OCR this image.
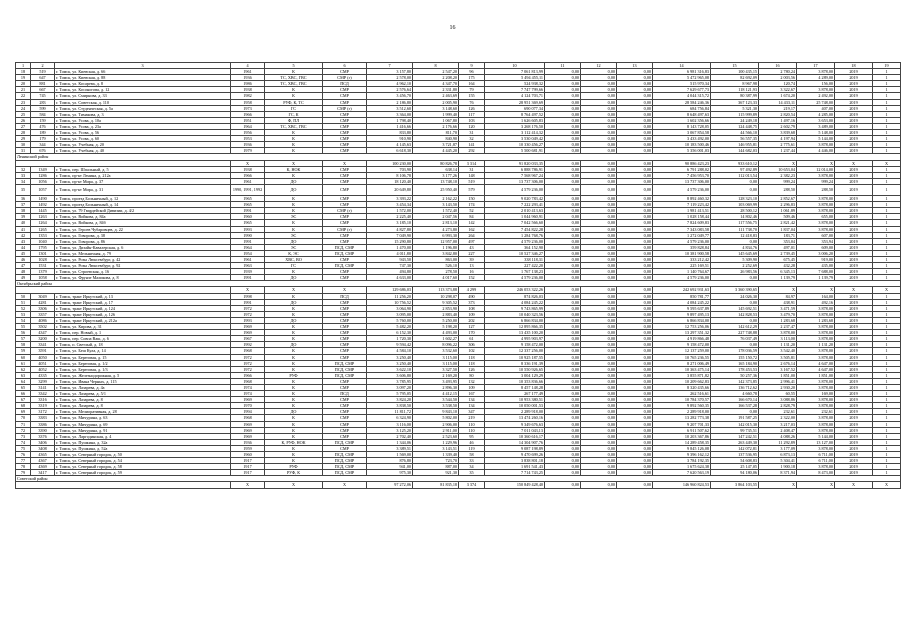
16
1	2	3	4	5	6	7	8	9	10	11	12	13	14	15	16	17	18	19
18	519	г. Томск, ул. Киевская, д. 66	1961	К	СМР	3 157,80	2 547,20	96	7 061 813,99	0,00	0,00	0,00	6 981 316,83	100 435,15	2 780,24	3 878,00	2019	1
19	647	г. Томск, ул. Киевская, д. 88	1936	ТС, ХВС, ГВС	СМР (г)	2 578,00	2 208,20	175	5 494 455,11	0,00	0,00	0,00	5 472 965,08	82 692,09	2 003,56	4 289,00	2019	1
20	881	г. Томск, ул. Косарева, д. 8	1986	ТС, ХВС, ГВС	ПСД	4 962,10	4 347,70	164	524 938,32	0,00	0,00	0,00	515 970,34	8 967,98	120,74	156,00	2019	1
21	667	г. Томск, ул. Косоногова, д. 12	1938	К	СМР	2 576,64	2 331,80	79	7 747 799,66	0,00	0,00	0,00	7 629 677,73	118 121,93	3 322,67	3 878,00	2019	1
22	745	г. Томск, ул. Смирнова, д. 33	1982	К	СМР	3 456,70	2 463,69	155	4 124 703,71	0,00	0,00	0,00	4 044 315,72	80 387,99	1 674,20	2 492,00	2019	1
23	283	г. Томск, ул. Советская, д. 110	1958	РУФ, К, ТС	СМР	2 186,80	2 005,90	76	28 951 369,69	0,00	0,00	0,00	28 584 246,36	367 123,33	14 433,11	25 748,00	2019	1
24	599	г. Томск, ул. Студенческая, д. 5а	1973	ГС	СМР (г)	3 512,60	3 148,60	126	690 077,34	0,00	0,00	0,00	684 756,84	5 321,30	219,17	407,00	2019	1
25	584	г. Томск, ул. Тимакова, д. 3	1966	ГС, К	СМР	3 364,00	1 999,40	117	8 764 497,52	0,00	0,00	0,00	8 648 497,63	115 999,89	2 820,54	4 285,00	2019	1
26	159	г. Томск, ул. Усова, д. 10а	1951	Ф, ПЛ	СМР	1 798,40	1 067,80	103	1 626 605,83	0,00	0,00	0,00	1 602 356,66	24 249,18	1 497,16	3 653,00	2019	1
27	476	г. Томск, ул. Усова, д. 23а	1964	ТС, ХВС, ГВС	СМР	1 416,66	2 176,66	120	3 268 176,50	0,00	0,00	0,00	8 143 728,05	124 448,75	2 602,79	3 489,00	2019	1
28	189	г. Томск, ул. Усова, д. 56	1956	К	СМР	833,80	811,70	31	3 112 414,32	0,00	0,00	0,00	3 067 854,58	44 566,10	3 839,68	5 148,00	2019	1
29	179	г. Томск, ул. Усова, д. 60	1953	К	СМР	910,90	840,90	32	3 530 049,42	0,00	0,00	0,00	3 433 492,00	56 557,35	4 197,94	5 144,00	2019	1
30	344	г. Томск, ул. Учебная, д. 20	1936	К	СМР	4 145,63	3 721,87	141	10 330 456,27	0,00	0,00	0,00	10 183 500,46	146 955,81	2 775,61	3 878,00	2019	1
31	676	г. Томск, ул. Учебная, д. 40	1979	К	СМР	6 618,30	4 445,20	292	5 500 681,91	0,00	0,00	0,00	5 356 001,03	144 682,03	1 237,44	4 446,00	2019	1
Ленинский район																		
			Х	Х	Х	100 230,00	80 826,78	3 314	91 820 033,35	0,00	0,00	0,00	90 886 423,23	933 610,12	Х	Х	Х	Х
32	1349	г. Томск, пер. Шпальный, д. 5	1938	К, НОК	СМР	703,90	638,14	31	6 888 786,91	0,00	0,00	0,00	6 791 288,02	97 492,89	10 653,04	12 014,00	2019	1
33	1286	г. Томск, пр-кт Ленина, д. 212а	1966	К	СМР	8 106,78	3 177,26	148	7 568 967,24	0,00	0,00	0,00	7 456 953,70	112 013,54	2 382,23	3 878,00	2019	1
34	1056	г. Томск, пр-кт Мира, д. 37	1961	ДО	СМР	18 120,40	13 748,10	519	13 737 306,00	0,00	0,00	0,00	13 737 306,00	0,00	999,24	999,24	2019	1
35	1057	г. Томск, пр-кт Мира, д. 31	1990, 1991, 1992	ДО	СМР	20 649,80	25 950,40	579	4 579 236,00	0,00	0,00	0,00	4 579 236,00	0,00	288,50	288,50	2019	1
36	1490	г. Томск, проезд Больничный, д. 12	1965	К	СМР	3 393,22	2 162,22	150	9 020 783,42	0,00	0,00	0,00	8 892 460,32	128 323,10	2 852,67	3 878,00	2019	1
37	1492	г. Томск, проезд Больничный, д. 14	1965	К	СМР	3 454,34	3 143,50	174	7 222 293,41	0,00	0,00	0,00	7 119 223,42	103 069,99	2 296,83	3 878,00	2019	1
38	1445	г. Томск, ул. 79 Гвардейской Дивизии, д. 4/2	1991	К	СМР (г)	1 572,00	1 572,40	52	2 010 413,63	0,00	0,00	0,00	1 981 413,51	28 500,12	1 061,89	3 878,00	2019	1
39	1263	г. Томск, ул. Войкова, д. 84а	1960	ЭС	СМР	2 225,40	2 047,56	84	1 044 960,91	0,00	0,00	0,00	1 028 158,44	14 802,46	509,46	655,00	2019	1
40	1264	г. Томск, ул. Войкова, д. 84б	1965	К	СМР	3 185,10	2 813,10	142	7 042 566,60	0,00	0,00	0,00	7 824 609,83	117 556,75	2 821,42	3 878,00	2019	1
41	1265	г. Томск, ул. Героев Чубаровцев, д. 22	1993	К	СМР (г)	4 827,80	4 273,80	162	7 454 822,28	0,00	0,00	0,00	7 343 083,58	111 738,70	1 837,04	3 878,00	2019	1
42	1353	г. Томск, ул. Говорова, д. 38	1990	ЭС	СМР	7 049,90	6 993,30	264	1 284 768,76	0,00	0,00	0,00	1 272 049,77	12 418,83	183,71	607,00	2019	1
43	1040	г. Томск, ул. Говорова, д. 86	1991	ДО	СМР	15 290,80	12 957,00	497	4 579 236,00	0,00	0,00	0,00	4 579 236,00	0,00	353,04	353,94	2019	1
44	1795	г. Томск, ул. Дизайн-Кавалерская, д. 6	1964	ЭС	ПСД, СМР	1 470,00	1 196,80	43	364 152,90	0,00	0,00	0,00	359 828,84	4 834,76	497,01	609,00	2019	1
45	1301	г. Томск, ул. Мельничная, д. 79	1954	К, ЭС	ПСД, СМР	4 011,80	3 842,80	227	10 527 346,27	0,00	0,00	0,00	10 381 900,58	145 645,69	2 739,45	3 006,20	2019	1
46	1028	г. Томск, ул. Розы Люксембург, д. 42	1961	ХВС, ВО	СМР	943,50	863,00	39	338 118,31	0,00	0,00	0,00	333 212,42	5 309,90	675,45	919,00	2019	1
47	1531	г. Томск, ул. Розы Люксембург, д. 92	1963	ГС	ПСД, СМР	747,30	526,10	13	227 422,20	0,00	0,00	0,00	225 169,51	2 252,69	432,28	435,00	2019	1
48	1379	г. Томск, ул. Строевская, д. 16	1939	К	СМР	494,80	278,50	16	1 767 138,23	0,00	0,00	0,00	1 140 764,67	26 983,56	6 345,13	7 688,00	2019	1
49	1058	г. Томск, ул. Фрунзе Маликова, д. 8	1991	ДО	СМР	4 633,00	4 017,60	152	4 579 236,00	0,00	0,00	0,00	4 579 236,00	0,00	1 139,79	1 139,79	2019	1
Октябрьский район																		
			Х	Х	Х	129 686,03	113 373,88	4 299	246 053 322,26	0,00	0,00	0,00	242 692 931,63	3 360 390,65	Х	Х	Х	Х
50	3049	г. Томск, тракт Иркутский, д. 13	1998	К	ПСД	11 256,20	10 298,07	490	874 826,03	0,00	0,00	0,00	850 781,77	24 026,30	84,97	164,00	2019	1
51	4281	г. Томск, тракт Иркутский, д. 17	1991	ДО	СМР	10 756,52	9 305,52	373	4 084 245,22	0,00	0,00	0,00	4 084 245,22	0,00	438,91	492,16	2019	1
52	3306	г. Томск, тракт Иркутский, д. 124	1972	К	СМР	3 064,90	2 853,90	108	9 743 865,99	0,00	0,00	0,00	9 595 637,89	145 692,51	3 471,59	3 878,00	2019	1
53	3357	г. Томск, тракт Иркутский, д. 126	1972	К	СМР	3 095,00	2 883,40	109	10 040 323,56	0,00	0,00	0,00	9 897 495,13	142 828,53	3 479,70	3 878,00	2019	1
54	4086	г. Томск, тракт Иркутский, д. 212а	1993	ДО	СМР	5 760,00	5 250,00	202	6 866 834,00	0,00	0,00	0,00	6 866 834,00	0,00	1 283,68	1 283,68	2019	1
55	3502	г. Томск, ул. Кирова, д. 31	1969	К	СМР	5 482,20	5 198,20	127	12 895 866,35	0,00	0,00	0,00	12 753 256,06	142 612,29	2 237,47	3 878,00	2019	1
56	4347	г. Томск, пер. Новый, д. 1	1969	К	СМР	6 152,30	4 493,00	170	13 435 100,20	0,00	0,00	0,00	13 297 351,32	227 748,88	3 878,00	3 878,00	2019	1
57	3200	г. Томск, пер. Совпа Ваш, д. 6	1967	К	СМР	1 720,30	1 602,27	61	4 995 903,97	0,00	0,00	0,00	4 919 866,48	76 037,49	3 113,00	3 878,00	2019	1
58	3341	г. Томск, п. Светлый, д. 18	1992	ДО	СМР	9 594,42	8 096,22	306	9 158 472,00	0,00	0,00	0,00	9 158 472,00	0,00	1 131,20	1 131,20	2019	1
59	3591	г. Томск, ул. Беш Кула, д. 14	1968	К	СМР	4 584,10	3 532,60	102	12 337 256,00	0,00	0,00	0,00	12 137 259,00	178 036,59	3 542,40	3 878,00	2019	1
60	4050	г. Томск, ул. Береговая, д. 15	1972	К	СМР	3 250,40	3 115,00	118	10 925 187,55	0,00	0,00	0,00	10 765 236,55	155 150,72	3 505,81	3 878,00	2019	1
61	4051	г. Томск, ул. Береговая, д. 1/2	1972	К	ПСД, СМР	3 250,40	3 115,00	118	8 336 191,39	0,00	0,00	0,00	8 271 006,49	165 184,90	2 676,14	4 647,00	2019	1
62	4052	г. Томск, ул. Береговая, д. 1/3	1972	К	ПСД, СМР	3 622,10	3 327,50	126	10 550 926,65	0,00	0,00	0,00	10 363 475,14	178 453,53	3 167,52	4 647,00	2019	1
63	4335	г. Томск, ул. Железнодорожная, д. 5	1966	РУФ	ПСД, СМР	3 606,80	2 169,20	80	3 004 129,29	0,00	0,00	0,00	3 855 871,82	50 257,36	1 851,00	1 851,00	2019	1
64	3299	г. Томск, ул. Ивана Черных, д. 115	1968	К	СМР	3 785,95	3 493,95	132	10 353 836,66	0,00	0,00	0,00	10 209 662,83	142 373,85	2 996,41	3 878,00	2019	1
65	3141	г. Томск, ул. Лазарева, д. 4а	1974	К	СМР	3 097,20	2 896,30	109	8 457 148,28	0,00	0,00	0,00	8 320 435,66	136 712,62	2 930,20	3 878,00	2019	1
66	3342	г. Томск, ул. Лазарева, д. 5/1	1974	К	ПСД	5 795,05	4 412,15	167	267 177,49	0,00	0,00	0,00	262 516,61	4 660,78	60,55	169,00	2019	1
67	3316	г. Томск, ул. Лазарева, д. 8	1969	К	СМР	3 824,20	3 544,50	134	10 953 380,51	0,00	0,00	0,00	10 784 370,57	166 670,14	3 088,86	3 878,00	2019	1
68	3319	г. Томск, ул. Лазарева, д. 8	1970	К	СМР	3 838,50	3 538,50	134	10 050 001,53	0,00	0,00	0,00	9 892 560,35	166 537,28	2 828,79	3 878,00	2019	1
69	3172	г. Томск, ул. Мелиоративная, д. 28	1994	ДО	СМР	11 811,72	9 843,10	347	2 289 918,00	0,00	0,00	0,00	2 289 918,00	0,00	232,61	232,61	2019	1
70	3383	г. Томск, ул. Мичурина, д. 63	1968	К	СМР	6 324,90	5 802,00	219	13 474 260,16	0,00	0,00	0,00	13 282 773,38	191 587,25	2 322,00	3 878,00	2019	1
71	3386	г. Томск, ул. Мичурина, д. 69	1969	К	СМР	3 116,00	2 906,00	110	9 349 676,63	0,00	0,00	0,00	9 207 701,33	142 015,30	3 217,03	3 878,00	2019	1
72	3390	г. Томск, ул. Мичурина, д. 91	1969	К	СМР	3 125,20	2 911,00	110	7 011 043,13	0,00	0,00	0,00	6 911 507,62	99 735,51	2 408,47	3 878,00	2019	1
73	3376	г. Томск, ул. Ларгодинская, д. 4	1969	К	СМР	2 702,40	2 523,60	95	10 360 616,17	0,00	0,00	0,00	10 203 367,86	147 242,51	4 088,26	5 144,00	2019	1
74	3406	г. Томск, ул. Пушкина, д. 32а	1936	К, РУФ, НОК	ПСД, СМР	1 344,06	1 229,96	46	14 304 907,76	0,00	0,00	0,00	14 289 458,35	263 449,30	11 292,89	13 127,00	2019	1
75	3408	г. Томск, ул. Пушкина, д. 52а	1959	К	СМР	3 389,51	3 143,51	119	9 087 198,89	0,00	0,00	0,00	9 845 126,08	142 072,81	3 177,09	3 878,00	2019	1
76	4365	г. Томск, ул. Северный городок, д. 50	1960	К	ПСД, СМР	1 569,00	1 339,40	58	9 470 699,26	0,00	0,00	0,00	9 396 162,12	137 536,95	6 873,13	6 711,00	2019	1
77	4367	г. Томск, ул. Северный городок, д. 54	1917	К	ПСД, СМР	876,80	723,70	33	3 838 801,18	0,00	0,00	0,00	3 784 192,35	54 608,83	5 304,41	6 711,00	2019	1
78	4369	г. Томск, ул. Северный городок, д. 58	1917	РУФ	ПСД, СМР	941,00	887,00	34	1 691 541,43	0,00	0,00	0,00	1 675 624,38	25 147,05	1 900,18	3 878,00	2019	1
79	3417	г. Томск, ул. Северный городок, д. 59	1917	РУФ, К	ПСД, СМР	975,30	921,30	35	7 714 743,25	0,00	0,00	0,00	7 620 563,19	94 180,06	8 371,94	8 473,00	2019	1
Советский район																		
			Х	Х	Х	97 272,06	81 835,18	3 374	150 849 428,40	0,00	0,00	0,00	146 960 824,53	3 864 103,55	Х	Х	Х	Х
